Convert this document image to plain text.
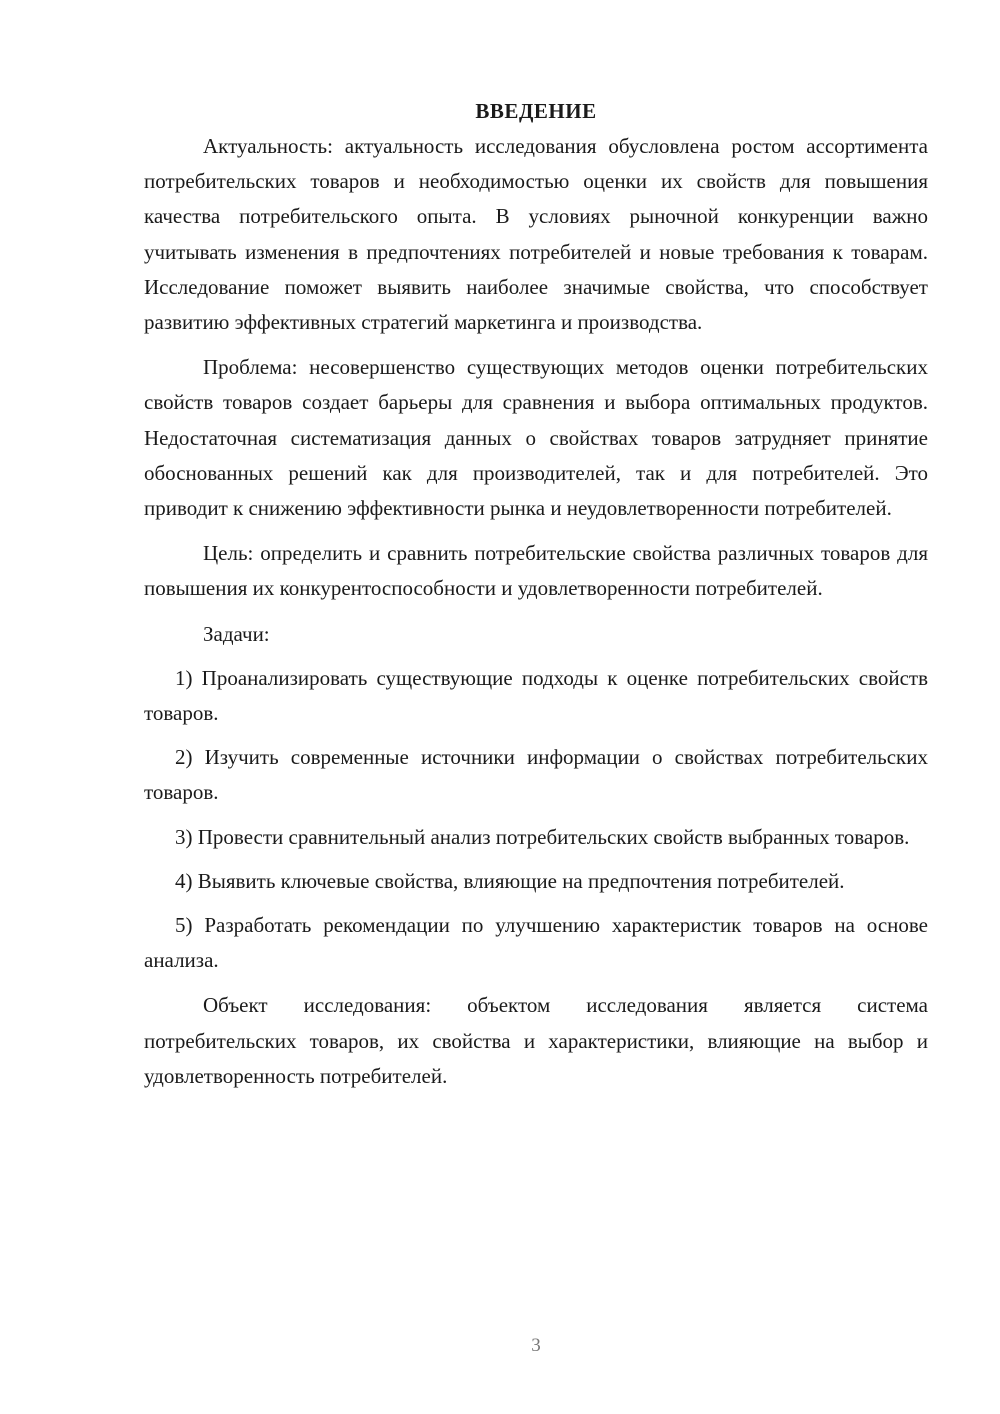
ВВЕДЕНИЕ

Актуальность: актуальность исследования обусловлена ростом ассортимента потребительских товаров и необходимостью оценки их свойств для повышения качества потребительского опыта. В условиях рыночной конкуренции важно учитывать изменения в предпочтениях потребителей и новые требования к товарам. Исследование поможет выявить наиболее значимые свойства, что способствует развитию эффективных стратегий маркетинга и производства.

Проблема: несовершенство существующих методов оценки потребительских свойств товаров создает барьеры для сравнения и выбора оптимальных продуктов. Недостаточная систематизация данных о свойствах товаров затрудняет принятие обоснованных решений как для производителей, так и для потребителей. Это приводит к снижению эффективности рынка и неудовлетворенности потребителей.

Цель: определить и сравнить потребительские свойства различных товаров для повышения их конкурентоспособности и удовлетворенности потребителей.

Задачи:

1) Проанализировать существующие подходы к оценке потребительских свойств товаров.

2) Изучить современные источники информации о свойствах потребительских товаров.

3) Провести сравнительный анализ потребительских свойств выбранных товаров.

4) Выявить ключевые свойства, влияющие на предпочтения потребителей.

5) Разработать рекомендации по улучшению характеристик товаров на основе анализа.

Объект исследования: объектом исследования является система потребительских товаров, их свойства и характеристики, влияющие на выбор и удовлетворенность потребителей.

3
